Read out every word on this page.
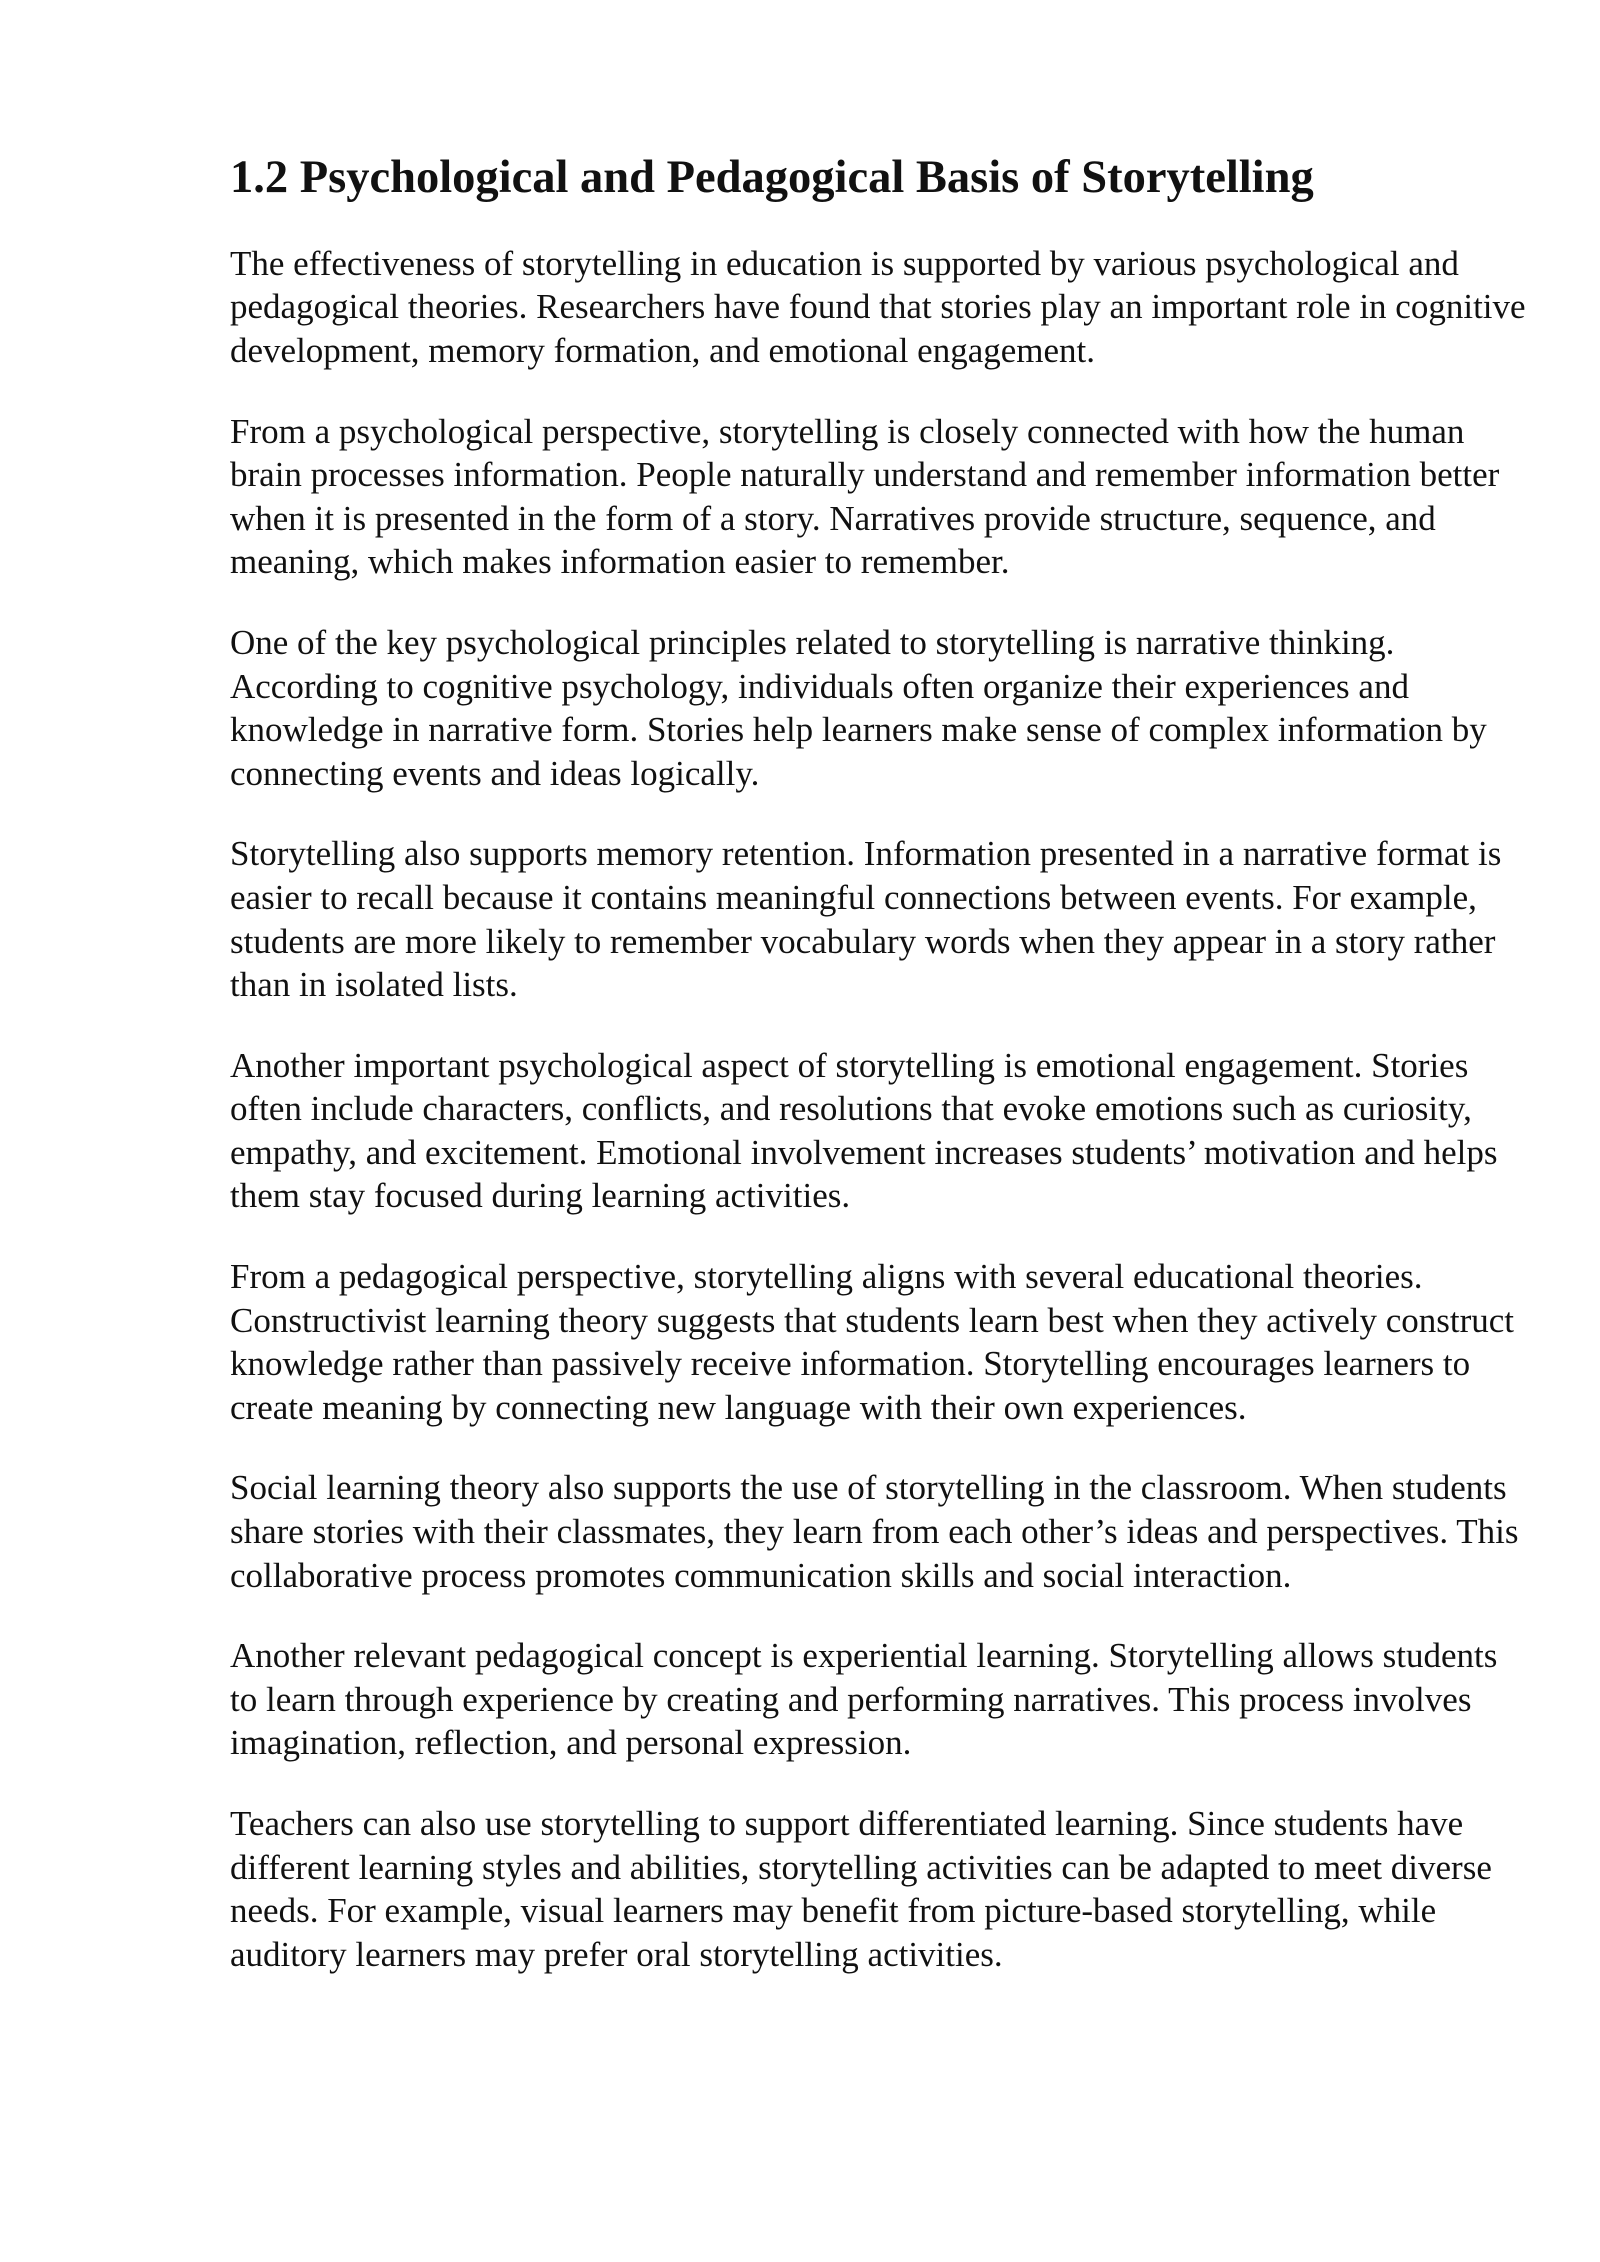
1.2 Psychological and Pedagogical Basis of Storytelling

The effectiveness of storytelling in education is supported by various psychological and pedagogical theories. Researchers have found that stories play an important role in cognitive development, memory formation, and emotional engagement.

From a psychological perspective, storytelling is closely connected with how the human brain processes information. People naturally understand and remember information better when it is presented in the form of a story. Narratives provide structure, sequence, and meaning, which makes information easier to remember.

One of the key psychological principles related to storytelling is narrative thinking. According to cognitive psychology, individuals often organize their experiences and knowledge in narrative form. Stories help learners make sense of complex information by connecting events and ideas logically.

Storytelling also supports memory retention. Information presented in a narrative format is easier to recall because it contains meaningful connections between events. For example, students are more likely to remember vocabulary words when they appear in a story rather than in isolated lists.

Another important psychological aspect of storytelling is emotional engagement. Stories often include characters, conflicts, and resolutions that evoke emotions such as curiosity, empathy, and excitement. Emotional involvement increases students’ motivation and helps them stay focused during learning activities.

From a pedagogical perspective, storytelling aligns with several educational theories. Constructivist learning theory suggests that students learn best when they actively construct knowledge rather than passively receive information. Storytelling encourages learners to create meaning by connecting new language with their own experiences.

Social learning theory also supports the use of storytelling in the classroom. When students share stories with their classmates, they learn from each other’s ideas and perspectives. This collaborative process promotes communication skills and social interaction.

Another relevant pedagogical concept is experiential learning. Storytelling allows students to learn through experience by creating and performing narratives. This process involves imagination, reflection, and personal expression.

Teachers can also use storytelling to support differentiated learning. Since students have different learning styles and abilities, storytelling activities can be adapted to meet diverse needs. For example, visual learners may benefit from picture-based storytelling, while auditory learners may prefer oral storytelling activities.
